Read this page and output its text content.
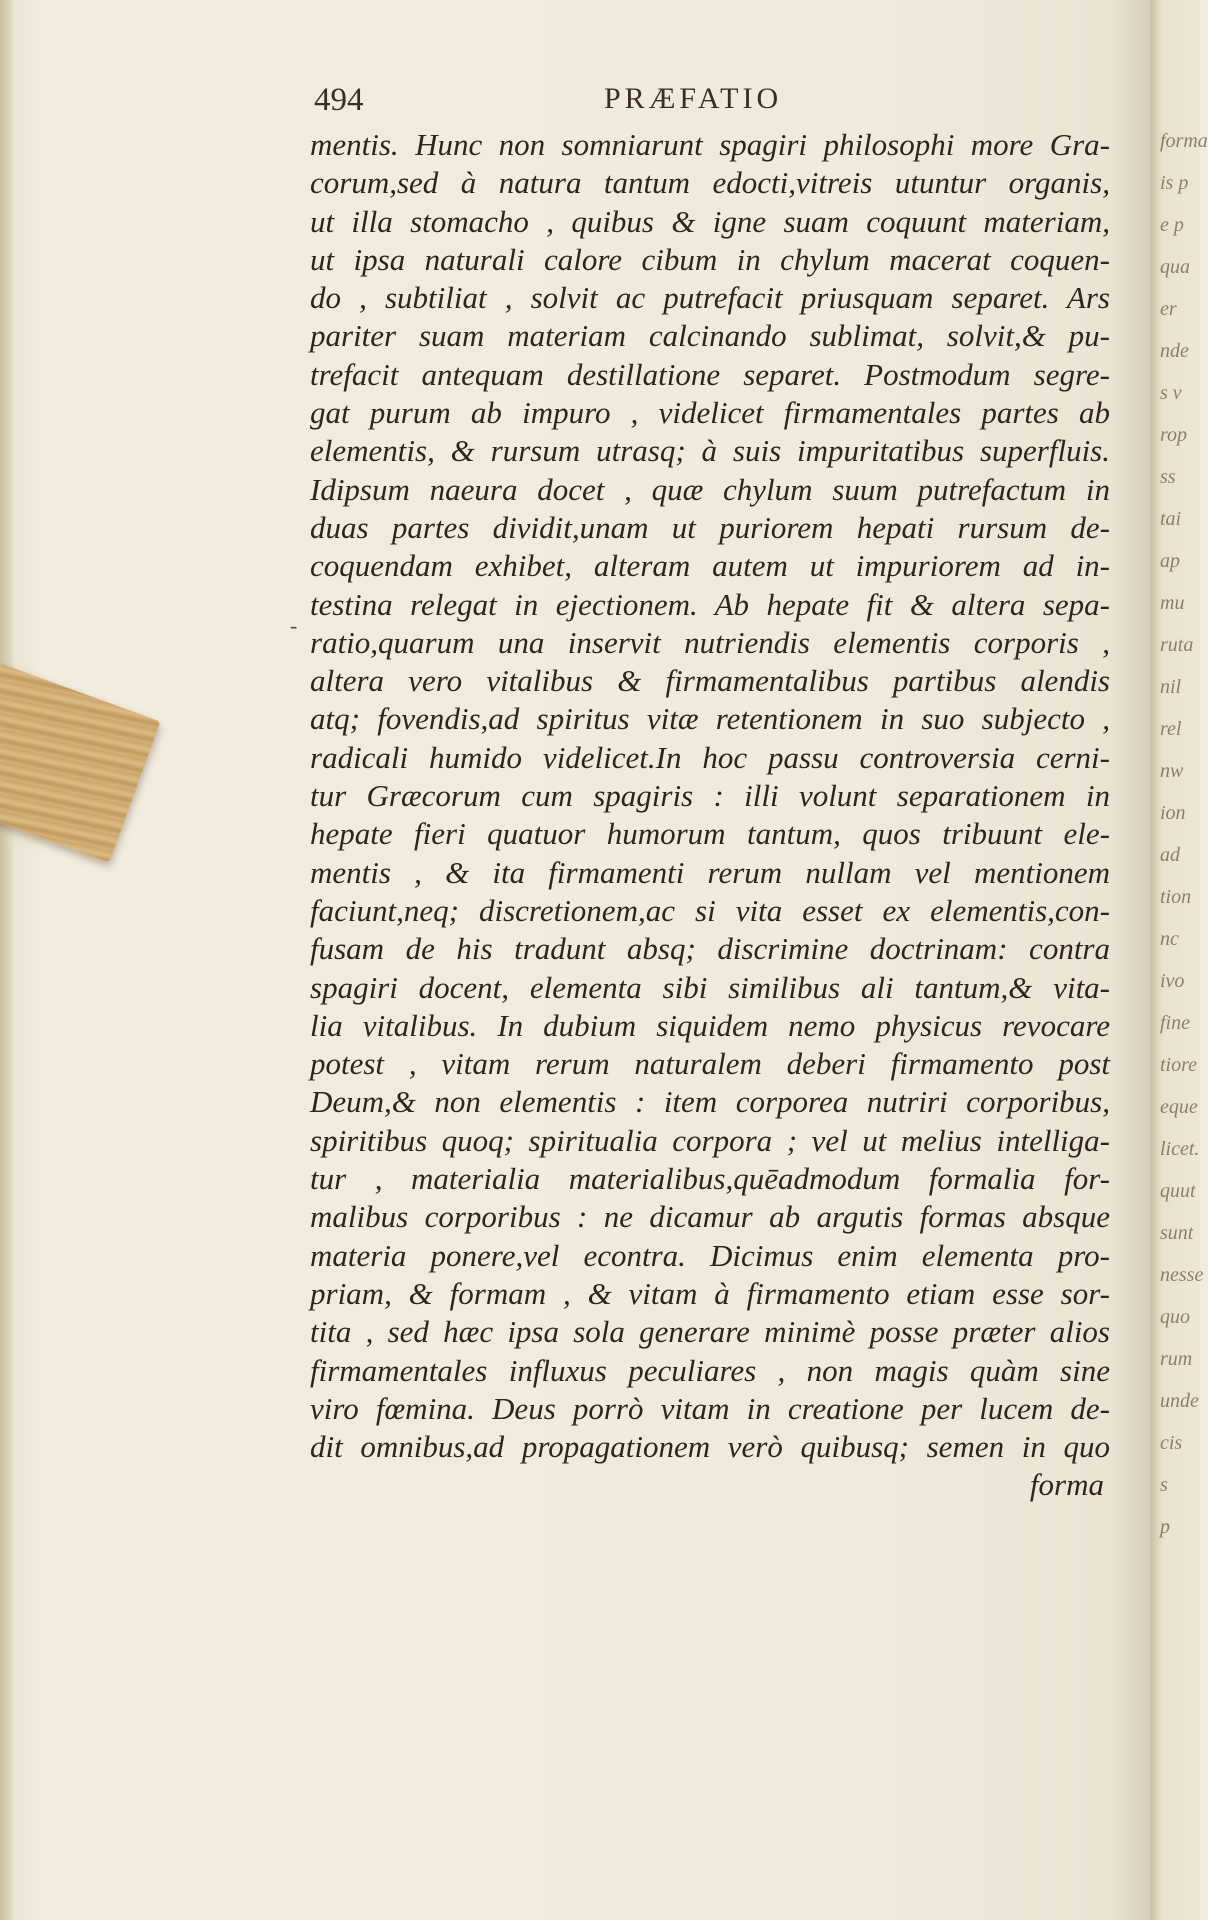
forma
is p
e p
qua
er
nde
s v
rop
ss
tai
ap
mu
ruta
nil
rel
nw
ion
ad
tion
nc
ivo
fine
tiore
eque
licet.
quut
sunt
nesse
quo
rum
unde
cis
s
p
494	PRÆFATIO
-
mentis. Hunc non somniarunt spagiri philosophi more Gra-
corum,sed à natura tantum edocti,vitreis utuntur organis,
ut illa stomacho , quibus & igne suam coquunt materiam,
ut ipsa naturali calore cibum in chylum macerat coquen-
do , subtiliat , solvit ac putrefacit priusquam separet. Ars
pariter suam materiam calcinando sublimat, solvit,& pu-
trefacit antequam destillatione separet. Postmodum segre-
gat purum ab impuro , videlicet firmamentales partes ab
elementis, & rursum utrasq; à suis impuritatibus superfluis.
Idipsum naeura docet , quæ chylum suum putrefactum in
duas partes dividit,unam ut puriorem hepati rursum de-
coquendam exhibet, alteram autem ut impuriorem ad in-
testina relegat in ejectionem. Ab hepate fit & altera sepa-
ratio,quarum una inservit nutriendis elementis corporis ,
altera vero vitalibus & firmamentalibus partibus alendis
atq; fovendis,ad spiritus vitæ retentionem in suo subjecto ,
radicali humido videlicet.In hoc passu controversia cerni-
tur Græcorum cum spagiris : illi volunt separationem in
hepate fieri quatuor humorum tantum, quos tribuunt ele-
mentis , & ita firmamenti rerum nullam vel mentionem
faciunt,neq; discretionem,ac si vita esset ex elementis,con-
fusam de his tradunt absq; discrimine doctrinam: contra
spagiri docent, elementa sibi similibus ali tantum,& vita-
lia vitalibus. In dubium siquidem nemo physicus revocare
potest , vitam rerum naturalem deberi firmamento post
Deum,& non elementis : item corporea nutriri corporibus,
spiritibus quoq; spiritualia corpora ; vel ut melius intelliga-
tur , materialia materialibus,quēadmodum formalia for-
malibus corporibus : ne dicamur ab argutis formas absque
materia ponere,vel econtra. Dicimus enim elementa pro-
priam, & formam , & vitam à firmamento etiam esse sor-
tita , sed hæc ipsa sola generare minimè posse præter alios
firmamentales influxus peculiares , non magis quàm sine
viro fœmina. Deus porrò vitam in creatione per lucem de-
dit omnibus,ad propagationem verò quibusq; semen in quo
forma
